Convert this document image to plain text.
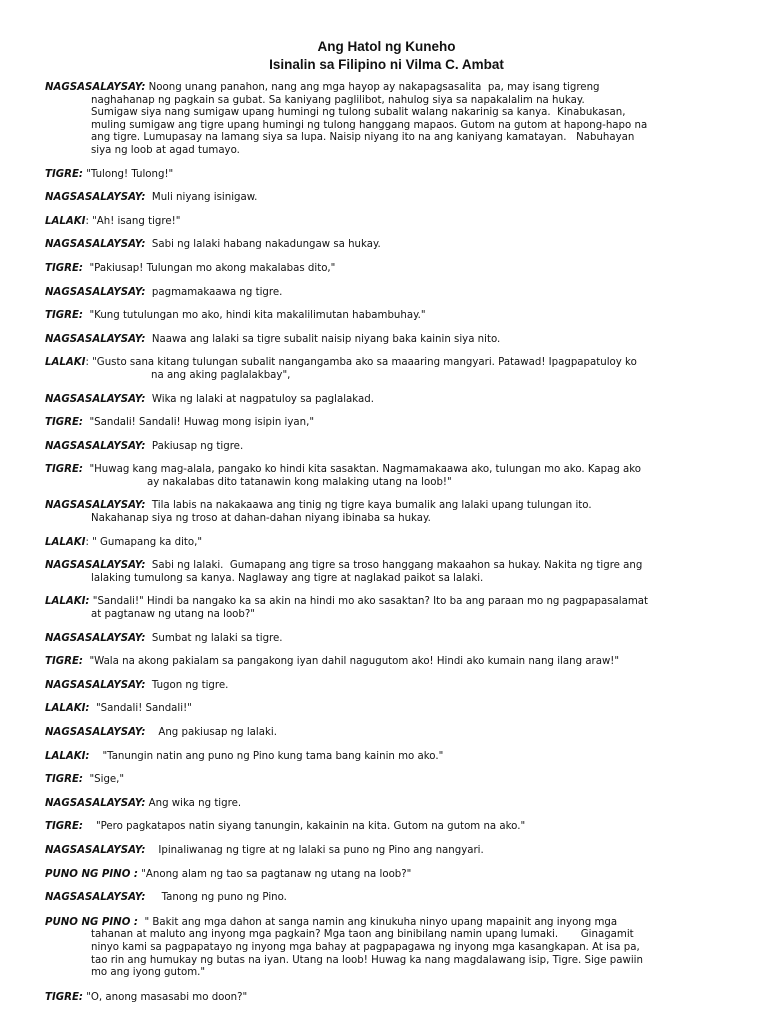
Ang Hatol ng Kuneho

Isinalin sa Filipino ni Vilma C. Ambat

NAGSASALAYSAY: Noong unang panahon, nang ang mga hayop ay nakapagsasalita  pa, may isang tigreng
naghahanap ng pagkain sa gubat. Sa kaniyang paglilibot, nahulog siya sa napakalalim na hukay.
Sumigaw siya nang sumigaw upang humingi ng tulong subalit walang nakarinig sa kanya.  Kinabukasan,
muling sumigaw ang tigre upang humingi ng tulong hanggang mapaos. Gutom na gutom at hapong-hapo na
ang tigre. Lumupasay na lamang siya sa lupa. Naisip niyang ito na ang kaniyang kamatayan.   Nabuhayan
siya ng loob at agad tumayo.

TIGRE: "Tulong! Tulong!"

NAGSASALAYSAY:  Muli niyang isinigaw.

LALAKI: "Ah! isang tigre!"

NAGSASALAYSAY:  Sabi ng lalaki habang nakadungaw sa hukay.

TIGRE:  "Pakiusap! Tulungan mo akong makalabas dito,"

NAGSASALAYSAY:  pagmamakaawa ng tigre.

TIGRE:  "Kung tutulungan mo ako, hindi kita makalilimutan habambuhay."

NAGSASALAYSAY:  Naawa ang lalaki sa tigre subalit naisip niyang baka kainin siya nito.

LALAKI: "Gusto sana kitang tulungan subalit nangangamba ako sa maaaring mangyari. Patawad! Ipagpapatuloy ko
na ang aking paglalakbay",

NAGSASALAYSAY:  Wika ng lalaki at nagpatuloy sa paglalakad.

TIGRE:  "Sandali! Sandali! Huwag mong isipin iyan,"

NAGSASALAYSAY:  Pakiusap ng tigre.

TIGRE:  "Huwag kang mag-alala, pangako ko hindi kita sasaktan. Nagmamakaawa ako, tulungan mo ako. Kapag ako
ay nakalabas dito tatanawin kong malaking utang na loob!"

NAGSASALAYSAY:  Tila labis na nakakaawa ang tinig ng tigre kaya bumalik ang lalaki upang tulungan ito.
Nakahanap siya ng troso at dahan-dahan niyang ibinaba sa hukay.

LALAKI: " Gumapang ka dito,"

NAGSASALAYSAY:  Sabi ng lalaki.  Gumapang ang tigre sa troso hanggang makaahon sa hukay. Nakita ng tigre ang
lalaking tumulong sa kanya. Naglaway ang tigre at naglakad paikot sa lalaki.

LALAKI: "Sandali!" Hindi ba nangako ka sa akin na hindi mo ako sasaktan? Ito ba ang paraan mo ng pagpapasalamat
at pagtanaw ng utang na loob?"

NAGSASALAYSAY:  Sumbat ng lalaki sa tigre.

TIGRE:  "Wala na akong pakialam sa pangakong iyan dahil nagugutom ako! Hindi ako kumain nang ilang araw!"

NAGSASALAYSAY:  Tugon ng tigre.

LALAKI:  "Sandali! Sandali!"

NAGSASALAYSAY:    Ang pakiusap ng lalaki.

LALAKI:    "Tanungin natin ang puno ng Pino kung tama bang kainin mo ako."

TIGRE:  "Sige,"

NAGSASALAYSAY: Ang wika ng tigre.

TIGRE:    "Pero pagkatapos natin siyang tanungin, kakainin na kita. Gutom na gutom na ako."

NAGSASALAYSAY:    Ipinaliwanag ng tigre at ng lalaki sa puno ng Pino ang nangyari.

PUNO NG PINO : "Anong alam ng tao sa pagtanaw ng utang na loob?"

NAGSASALAYSAY:     Tanong ng puno ng Pino.

PUNO NG PINO :  " Bakit ang mga dahon at sanga namin ang kinukuha ninyo upang mapainit ang inyong mga
tahanan at maluto ang inyong mga pagkain? Mga taon ang binibilang namin upang lumaki.       Ginagamit
ninyo kami sa pagpapatayo ng inyong mga bahay at pagpapagawa ng inyong mga kasangkapan. At isa pa,
tao rin ang humukay ng butas na iyan. Utang na loob! Huwag ka nang magdalawang isip, Tigre. Sige pawiin
mo ang iyong gutom."

TIGRE: "O, anong masasabi mo doon?"
